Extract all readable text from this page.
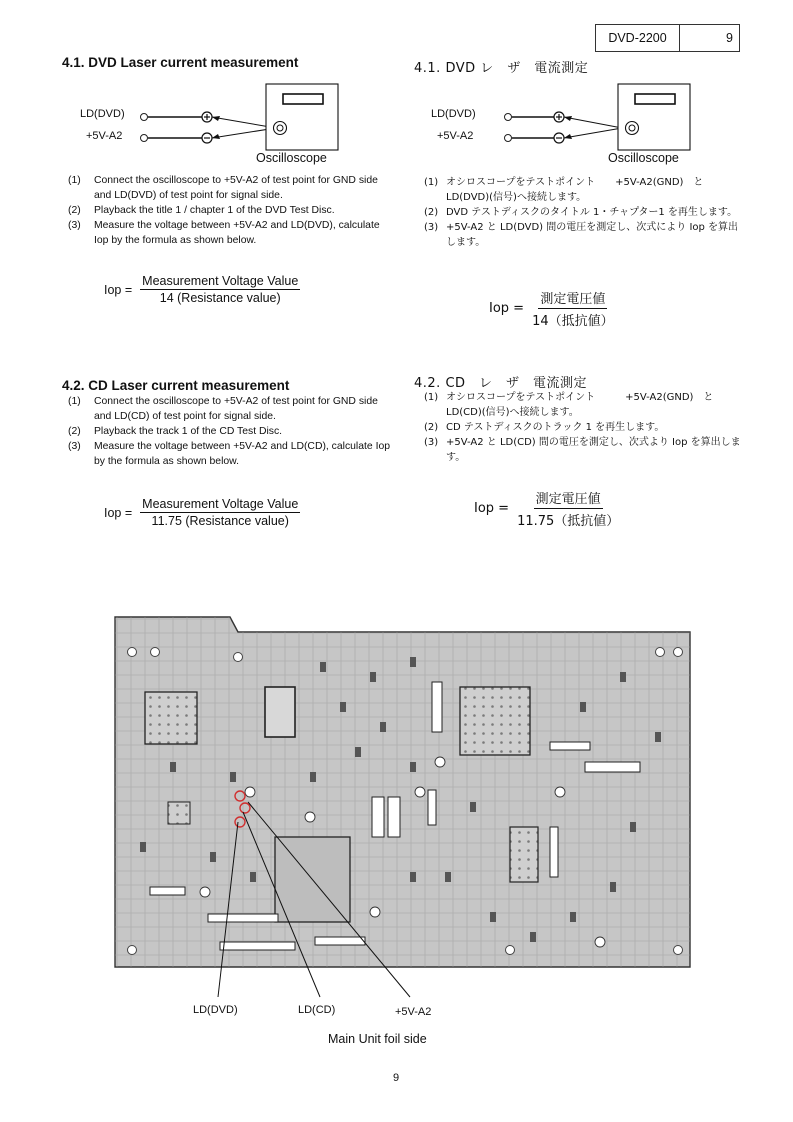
DVD-2200	9
4.1. DVD Laser current measurement	4.1. DVD レ　ザ　電流測定
LD(DVD)
+5V-A2
Oscilloscope
LD(DVD)
+5V-A2
Oscilloscope
(1) Connect the oscilloscope to +5V-A2 of test point for GND side and LD(DVD) of test point for signal side.
(2) Playback the title 1 / chapter 1 of the DVD Test Disc.
(3) Measure the voltage between +5V-A2 and LD(DVD), calculate Iop by the formula as shown below.
(1) オシロスコープをテストポイント　　+5V-A2(GND)　と LD(DVD)(信号)へ接続します。
(2) DVD テストディスクのタイトル 1・チャプター1 を再生します。
(3) +5V-A2 と LD(DVD) 間の電圧を測定し、次式により Iop を算出します。
Iop = $\frac{\text{Measurement Voltage Value}}{\text{14 (Resistance value)}}$
Iop = $\frac{\text{測定電圧値}}{\text{14（抵抗値）}}$
4.2. CD Laser current measurement	4.2. CD　レ　ザ　電流測定
(1) Connect the oscilloscope to +5V-A2 of test point for GND side and LD(CD) of test point for signal side.
(2) Playback the track 1 of the CD Test Disc.
(3) Measure the voltage between +5V-A2 and LD(CD), calculate Iop by the formula as shown below.
(1) オシロスコープをテストポイント　　　+5V-A2(GND)　と LD(CD)(信号)へ接続します。
(2) CD テストディスクのトラック 1 を再生します。
(3) +5V-A2 と LD(CD) 間の電圧を測定し、次式より Iop を算出します。
Iop = $\frac{\text{Measurement Voltage Value}}{\text{11.75 (Resistance value)}}$	Iop = $\frac{\text{測定電圧値}}{\text{11.75（抵抗値）}}$
LD(DVD)	LD(CD)	+5V-A2
Main Unit foil side
9
